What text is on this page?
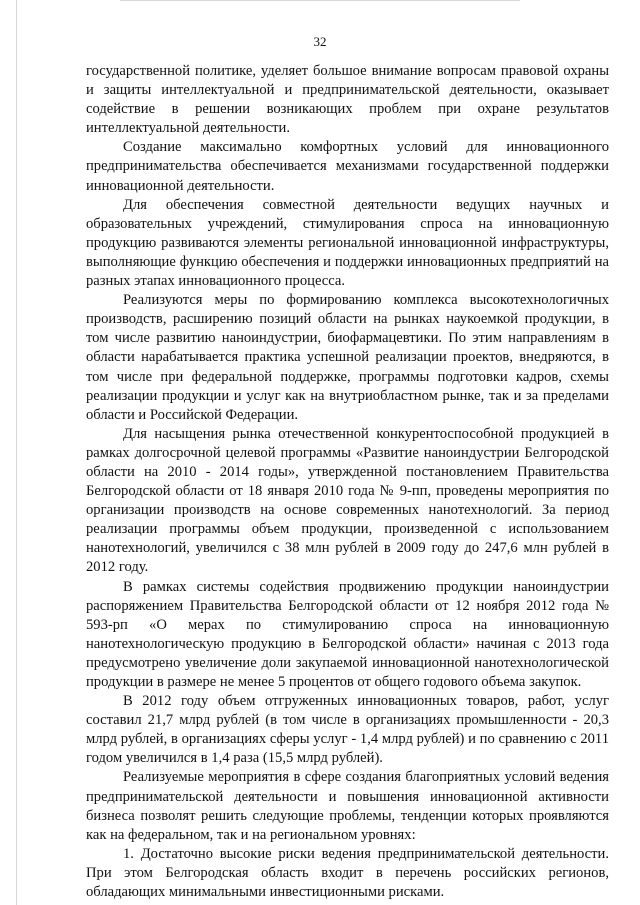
32

государственной политике, уделяет большое внимание вопросам правовой охраны и защиты интеллектуальной и предпринимательской деятельности, оказывает содействие в решении возникающих проблем при охране результатов интеллектуальной деятельности.

Создание максимально комфортных условий для инновационного предпринимательства обеспечивается механизмами государственной поддержки инновационной деятельности.

Для обеспечения совместной деятельности ведущих научных и образовательных учреждений, стимулирования спроса на инновационную продукцию развиваются элементы региональной инновационной инфраструктуры, выполняющие функцию обеспечения и поддержки инновационных предприятий на разных этапах инновационного процесса.

Реализуются меры по формированию комплекса высокотехнологичных производств, расширению позиций области на рынках наукоемкой продукции, в том числе развитию наноиндустрии, биофармацевтики. По этим направлениям в области нарабатывается практика успешной реализации проектов, внедряются, в том числе при федеральной поддержке, программы подготовки кадров, схемы реализации продукции и услуг как на внутриобластном рынке, так и за пределами области и Российской Федерации.

Для насыщения рынка отечественной конкурентоспособной продукцией в рамках долгосрочной целевой программы «Развитие наноиндустрии Белгородской области на 2010 - 2014 годы», утвержденной постановлением Правительства Белгородской области от 18 января 2010 года № 9-пп, проведены мероприятия по организации производств на основе современных нанотехнологий. За период реализации программы объем продукции, произведенной с использованием нанотехнологий, увеличился с 38 млн рублей в 2009 году до 247,6 млн рублей в 2012 году.

В рамках системы содействия продвижению продукции наноиндустрии распоряжением Правительства Белгородской области от 12 ноября 2012 года № 593-рп «О мерах по стимулированию спроса на инновационную нанотехнологическую продукцию в Белгородской области» начиная с 2013 года предусмотрено увеличение доли закупаемой инновационной нанотехнологической продукции в размере не менее 5 процентов от общего годового объема закупок.

В 2012 году объем отгруженных инновационных товаров, работ, услуг составил 21,7 млрд рублей (в том числе в организациях промышленности - 20,3 млрд рублей, в организациях сферы услуг - 1,4 млрд рублей) и по сравнению с 2011 годом увеличился в 1,4 раза (15,5 млрд рублей).

Реализуемые мероприятия в сфере создания благоприятных условий ведения предпринимательской деятельности и повышения инновационной активности бизнеса позволят решить следующие проблемы, тенденции которых проявляются как на федеральном, так и на региональном уровнях:

1. Достаточно высокие риски ведения предпринимательской деятельности. При этом Белгородская область входит в перечень российских регионов, обладающих минимальными инвестиционными рисками.
